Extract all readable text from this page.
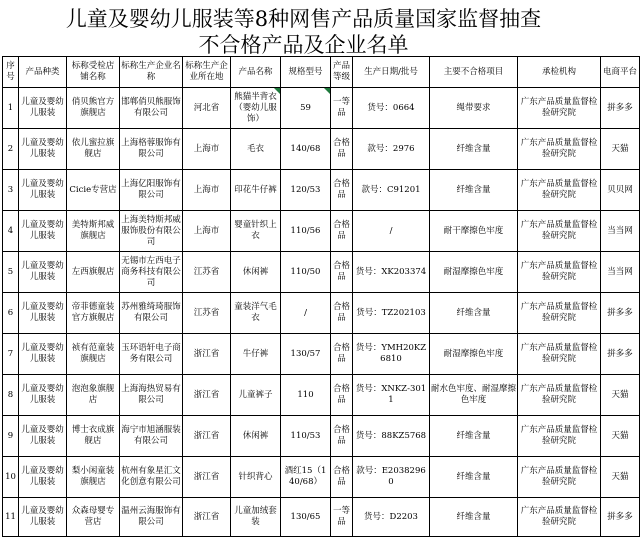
儿童及婴幼儿服装等8种网售产品质量国家监督抽查
不合格产品及企业名单
序号	产品种类	标称受检店铺名称	标称生产企业名称	标称生产企业所在地	产品名称	规格型号	产品等级	生产日期/批号	主要不合格项目	承检机构	电商平台
1	儿童及婴幼儿服装	俏贝熊官方旗舰店	邯郸俏贝熊服饰有限公司	河北省	熊猫半背衣（婴幼儿服饰）	59	一等品	货号：0664	绳带要求	广东产品质量监督检验研究院	拼多多
2	儿童及婴幼儿服装	依儿蜜拉旗舰店	上海格蓉服饰有限公司	上海市	毛衣	140/68	合格品	款号：2976	纤维含量	广东产品质量监督检验研究院	天猫
3	儿童及婴幼儿服装	Cicie专营店	上海亿阳服饰有限公司	上海市	印花牛仔裤	120/53	合格品	款号：C91201	纤维含量	广东产品质量监督检验研究院	贝贝网
4	儿童及婴幼儿服装	美特斯邦威旗舰店	上海美特斯邦威服饰股份有限公司	上海市	婴童针织上衣	110/56	合格品	/	耐干摩擦色牢度	广东产品质量监督检验研究院	当当网
5	儿童及婴幼儿服装	左西旗舰店	无锡市左西电子商务科技有限公司	江苏省	休闲裤	110/50	合格品	货号：XK203374	耐湿摩擦色牢度	广东产品质量监督检验研究院	当当网
6	儿童及婴幼儿服装	帝菲德童装官方旗舰店	苏州雅绮琦服饰有限公司	江苏省	童装洋气毛衣	/	合格品	货号：TZ202103	纤维含量	广东产品质量监督检验研究院	拼多多
7	儿童及婴幼儿服装	祯有范童装旗舰店	玉环语轩电子商务有限公司	浙江省	牛仔裤	130/57	合格品	货号：YMH20KZ6810	耐湿摩擦色牢度	广东产品质量监督检验研究院	拼多多
8	儿童及婴幼儿服装	泡泡象旗舰店	上海海热贸易有限公司	浙江省	儿童裤子	110	合格品	货号：XNKZ-3011	耐水色牢度、耐湿摩擦色牢度	广东产品质量监督检验研究院	天猫
9	儿童及婴幼儿服装	博士衣成旗舰店	海宁市旭涵服装有限公司	浙江省	休闲裤	110/53	合格品	货号：88KZ5768	纤维含量	广东产品质量监督检验研究院	天猫
10	儿童及婴幼儿服装	梨小闲童装旗舰店	杭州有象星汇文化创意有限公司	浙江省	针织背心	酒红15（140/68）	合格品	款号：E20382960	纤维含量	广东产品质量监督检验研究院	天猫
11	儿童及婴幼儿服装	众森母婴专营店	温州云海服饰有限公司	浙江省	儿童加绒套装	130/65	一等品	货号：D2203	纤维含量	广东产品质量监督检验研究院	拼多多
